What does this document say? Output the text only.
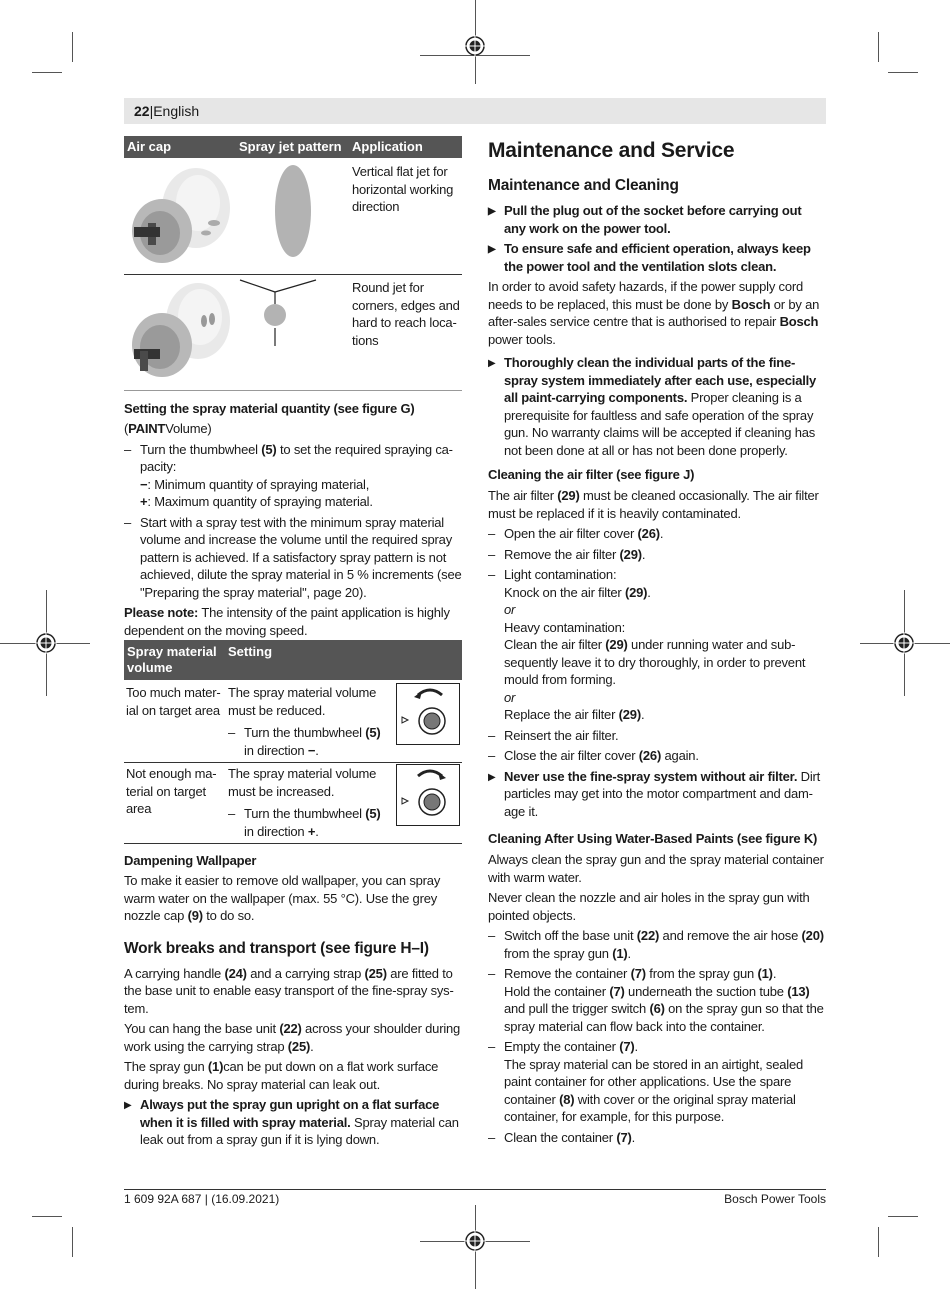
22|English
Air cap	Spray jet pattern Application
Vertical flat jet for horizontal working direction
Round jet for corners, edges and hard to reach locations

Setting the spray material quantity (see figure G)

(PAINTVolume)

– Turn the thumbwheel (5) to set the required spraying capacity:
−: Minimum quantity of spraying material,
+: Maximum quantity of spraying material.
– Start with a spray test with the minimum spray material volume and increase the volume until the required spray pattern is achieved. If a satisfactory spray pattern is not achieved, dilute the spray material in 5 % increments (see "Preparing the spray material", page 20).

Please note: The intensity of the paint application is highly dependent on the moving speed.

Spray material volume
Setting
Too much material on target area
The spray material volume must be reduced.
– Turn the thumbwheel (5) in direction −.
Not enough material on target area
The spray material volume must be increased.
– Turn the thumbwheel (5) in direction +.

Dampening Wallpaper

To make it easier to remove old wallpaper, you can spray warm water on the wallpaper (max. 55 °C). Use the grey nozzle cap (9) to do so.

Work breaks and transport (see figure H–I)

A carrying handle (24) and a carrying strap (25) are fitted to the base unit to enable easy transport of the fine-spray system.

You can hang the base unit (22) across your shoulder during work using the carrying strap (25).

The spray gun (1)can be put down on a flat work surface during breaks. No spray material can leak out.

▶ Always put the spray gun upright on a flat surface when it is filled with spray material. Spray material can leak out from a spray gun if it is lying down.

Maintenance and Service

Maintenance and Cleaning

▶ Pull the plug out of the socket before carrying out any work on the power tool.
▶ To ensure safe and efficient operation, always keep the power tool and the ventilation slots clean.

In order to avoid safety hazards, if the power supply cord needs to be replaced, this must be done by Bosch or by an after-sales service centre that is authorised to repair Bosch power tools.

▶ Thoroughly clean the individual parts of the fine-spray system immediately after each use, especially all paint-carrying components. Proper cleaning is a prerequisite for faultless and safe operation of the spray gun. No warranty claims will be accepted if cleaning has not been done at all or has not been done properly.

Cleaning the air filter (see figure J)

The air filter (29) must be cleaned occasionally. The air filter must be replaced if it is heavily contaminated.

– Open the air filter cover (26).
– Remove the air filter (29).
– Light contamination:
Knock on the air filter (29).
or
Heavy contamination:
Clean the air filter (29) under running water and subsequently leave it to dry thoroughly, in order to prevent mould from forming.
or
Replace the air filter (29).
– Reinsert the air filter.
– Close the air filter cover (26) again.
▶ Never use the fine-spray system without air filter. Dirt particles may get into the motor compartment and damage it.

Cleaning After Using Water-Based Paints (see figure K)

Always clean the spray gun and the spray material container with warm water.

Never clean the nozzle and air holes in the spray gun with pointed objects.

– Switch off the base unit (22) and remove the air hose (20) from the spray gun (1).
– Remove the container (7) from the spray gun (1).
Hold the container (7) underneath the suction tube (13) and pull the trigger switch (6) on the spray gun so that the spray material can flow back into the container.
– Empty the container (7).
The spray material can be stored in an airtight, sealed paint container for other applications. Use the spare container (8) with cover or the original spray material container, for example, for this purpose.
– Clean the container (7).
1 609 92A 687 | (16.09.2021)	Bosch Power Tools
